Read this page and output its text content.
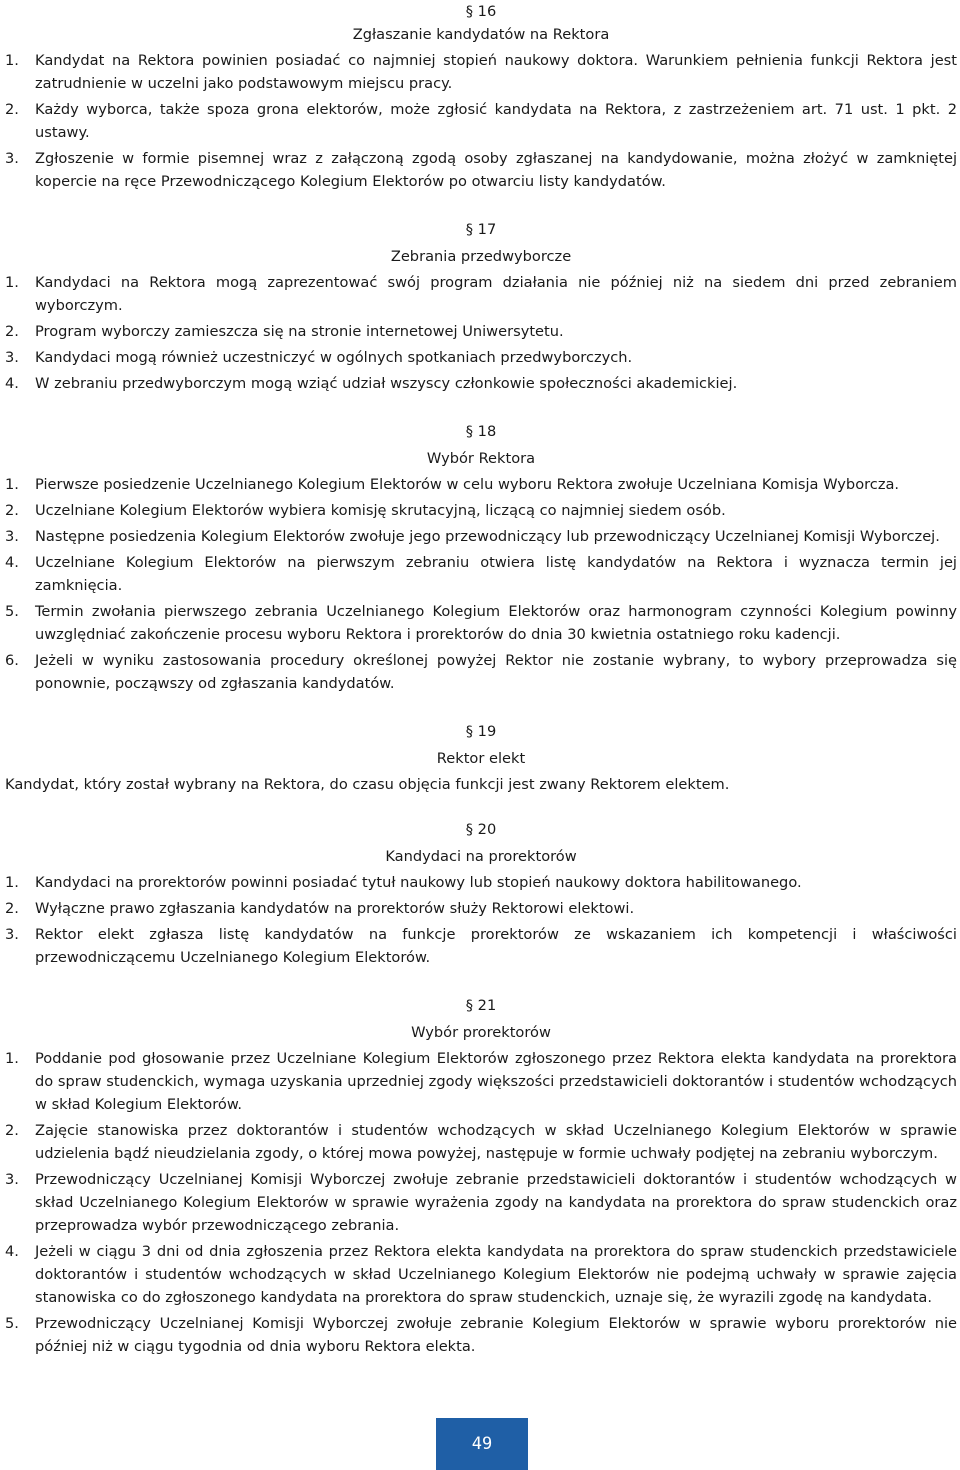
§ 16
Zgłaszanie kandydatów na Rektora
1.	Kandydat na Rektora powinien posiadać co najmniej stopień naukowy doktora. Warunkiem pełnienia funkcji Rektora jest zatrudnienie w uczelni jako podstawowym miejscu pracy.
2.	Każdy wyborca, także spoza grona elektorów, może zgłosić kandydata na Rektora, z zastrzeżeniem art. 71 ust. 1 pkt. 2 ustawy.
3.	Zgłoszenie w formie pisemnej wraz z załączoną zgodą osoby zgłaszanej na kandydowanie, można złożyć w zamkniętej kopercie na ręce Przewodniczącego Kolegium Elektorów po otwarciu listy kandydatów.
§ 17
Zebrania przedwyborcze
1.	Kandydaci na Rektora mogą zaprezentować swój program działania nie później niż na siedem dni przed zebraniem wyborczym.
2.	Program wyborczy zamieszcza się na stronie internetowej Uniwersytetu.
3.	Kandydaci mogą również uczestniczyć w ogólnych spotkaniach przedwyborczych.
4.	W zebraniu przedwyborczym mogą wziąć udział wszyscy członkowie społeczności akademickiej.
§ 18
Wybór Rektora
1.	Pierwsze posiedzenie Uczelnianego Kolegium Elektorów w celu wyboru Rektora zwołuje Uczelniana Komisja Wyborcza.
2.	Uczelniane Kolegium Elektorów wybiera komisję skrutacyjną, liczącą co najmniej siedem osób.
3.	Następne posiedzenia Kolegium Elektorów zwołuje jego przewodniczący lub przewodniczący Uczelnianej Komisji Wyborczej.
4.	Uczelniane Kolegium Elektorów na pierwszym zebraniu otwiera listę kandydatów na Rektora i wyznacza termin jej zamknięcia.
5.	Termin zwołania pierwszego zebrania Uczelnianego Kolegium Elektorów oraz harmonogram czynności Kolegium powinny uwzględniać zakończenie procesu wyboru Rektora i prorektorów do dnia 30 kwietnia ostatniego roku kadencji.
6.	Jeżeli w wyniku zastosowania procedury określonej powyżej Rektor nie zostanie wybrany, to wybory przeprowadza się ponownie, począwszy od zgłaszania kandydatów.
§ 19
Rektor elekt

Kandydat, który został wybrany na Rektora, do czasu objęcia funkcji jest zwany Rektorem elektem.

§ 20
Kandydaci na prorektorów
1.	Kandydaci na prorektorów powinni posiadać tytuł naukowy lub stopień naukowy doktora habilitowanego.
2.	Wyłączne prawo zgłaszania kandydatów na prorektorów służy Rektorowi elektowi.
3.	Rektor elekt zgłasza listę kandydatów na funkcje prorektorów ze wskazaniem ich kompetencji i właściwości przewodniczącemu Uczelnianego Kolegium Elektorów.
§ 21
Wybór prorektorów
1.	Poddanie pod głosowanie przez Uczelniane Kolegium Elektorów zgłoszonego przez Rektora elekta kandydata na prorektora do spraw studenckich, wymaga uzyskania uprzedniej zgody większości przedstawicieli doktorantów i studentów wchodzących w skład Kolegium Elektorów.
2.	Zajęcie stanowiska przez doktorantów i studentów wchodzących w skład Uczelnianego Kolegium Elektorów w sprawie udzielenia bądź nieudzielania zgody, o której mowa powyżej, następuje w formie uchwały podjętej na zebraniu wyborczym.
3.	Przewodniczący Uczelnianej Komisji Wyborczej zwołuje zebranie przedstawicieli doktorantów i studentów wchodzących w skład Uczelnianego Kolegium Elektorów w sprawie wyrażenia zgody na kandydata na prorektora do spraw studenckich oraz przeprowadza wybór przewodniczącego zebrania.
4.	Jeżeli w ciągu 3 dni od dnia zgłoszenia przez Rektora elekta kandydata na prorektora do spraw studenckich przedstawiciele doktorantów i studentów wchodzących w skład Uczelnianego Kolegium Elektorów nie podejmą uchwały w sprawie zajęcia stanowiska co do zgłoszonego kandydata na prorektora do spraw studenckich, uznaje się, że wyrazili zgodę na kandydata.
5.	Przewodniczący Uczelnianej Komisji Wyborczej zwołuje zebranie Kolegium Elektorów w sprawie wyboru prorektorów nie później niż w ciągu tygodnia od dnia wyboru Rektora elekta.
49
